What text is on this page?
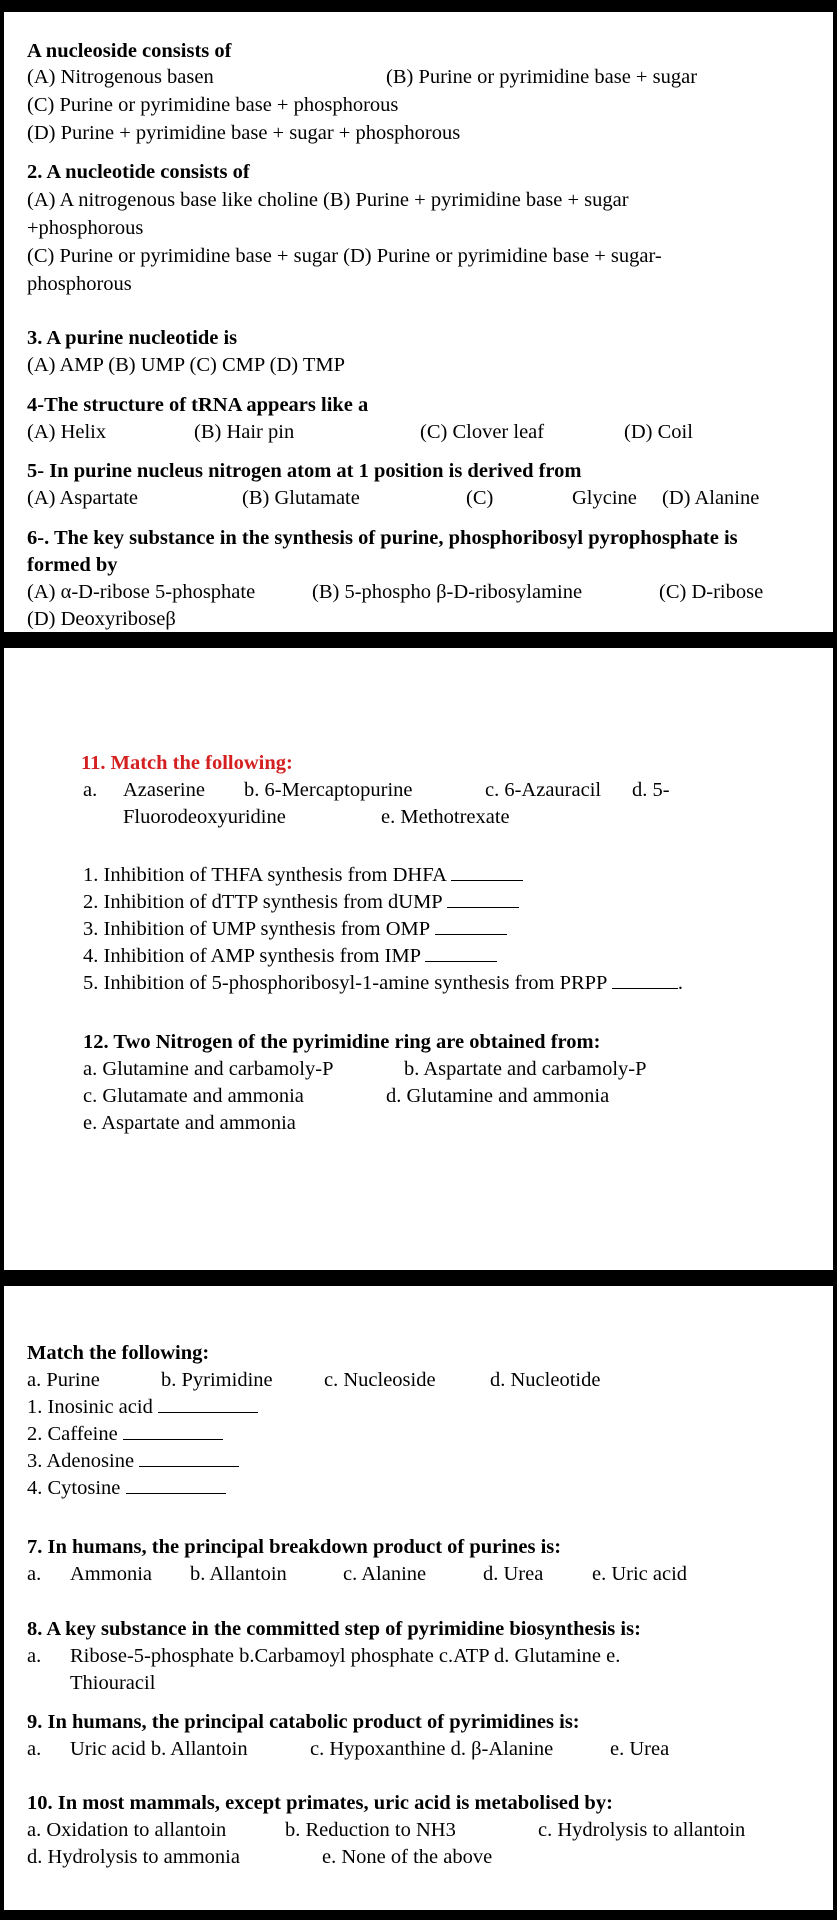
A nucleoside consists of
(A) Nitrogenous basen	(B) Purine or pyrimidine base + sugar
(C) Purine or pyrimidine base + phosphorous
(D) Purine + pyrimidine base + sugar + phosphorous
2. A nucleotide consists of
(A) A nitrogenous base like choline (B) Purine + pyrimidine base + sugar
+phosphorous
(C) Purine or pyrimidine base + sugar (D) Purine or pyrimidine base + sugar-
phosphorous
3. A purine nucleotide is
(A) AMP (B) UMP (C) CMP (D) TMP
4-The structure of tRNA appears like a
(A) Helix	(B) Hair pin	(C) Clover leaf	(D) Coil
5- In purine nucleus nitrogen atom at 1 position is derived from
(A) Aspartate	(B) Glutamate	(C)	Glycine (D) Alanine
6-. The key substance in the synthesis of purine, phosphoribosyl pyrophosphate is
formed by
(A) α-D-ribose 5-phosphate	(B) 5-phospho β-D-ribosylamine	(C) D-ribose
(D) Deoxyriboseβ
11. Match the following:
a. Azaserine b. 6-Mercaptopurine	c. 6-Azauracil d. 5-
Fluorodeoxyuridine	e. Methotrexate
1. Inhibition of THFA synthesis from DHFA
2. Inhibition of dTTP synthesis from dUMP
3. Inhibition of UMP synthesis from OMP
4. Inhibition of AMP synthesis from IMP
5. Inhibition of 5-phosphoribosyl-1-amine synthesis from PRPP	.
12. Two Nitrogen of the pyrimidine ring are obtained from:
a. Glutamine and carbamoly-P	b. Aspartate and carbamoly-P
c. Glutamate and ammonia	d. Glutamine and ammonia
e. Aspartate and ammonia
Match the following:
a. Purine	b. Pyrimidine	c. Nucleoside	d. Nucleotide
1. Inosinic acid
2. Caffeine
3. Adenosine
4. Cytosine
7. In humans, the principal breakdown product of purines is:
a. Ammonia b. Allantoin	c. Alanine	d. Urea e. Uric acid
8. A key substance in the committed step of pyrimidine biosynthesis is:
a. Ribose-5-phosphate b.Carbamoyl phosphate c.ATP d. Glutamine e.
Thiouracil
9. In humans, the principal catabolic product of pyrimidines is:
a. Uric acid b. Allantoin	c. Hypoxanthine d. β-Alanine	e. Urea
10. In most mammals, except primates, uric acid is metabolised by:
a. Oxidation to allantoin	b. Reduction to NH3	c. Hydrolysis to allantoin
d. Hydrolysis to ammonia	e. None of the above
